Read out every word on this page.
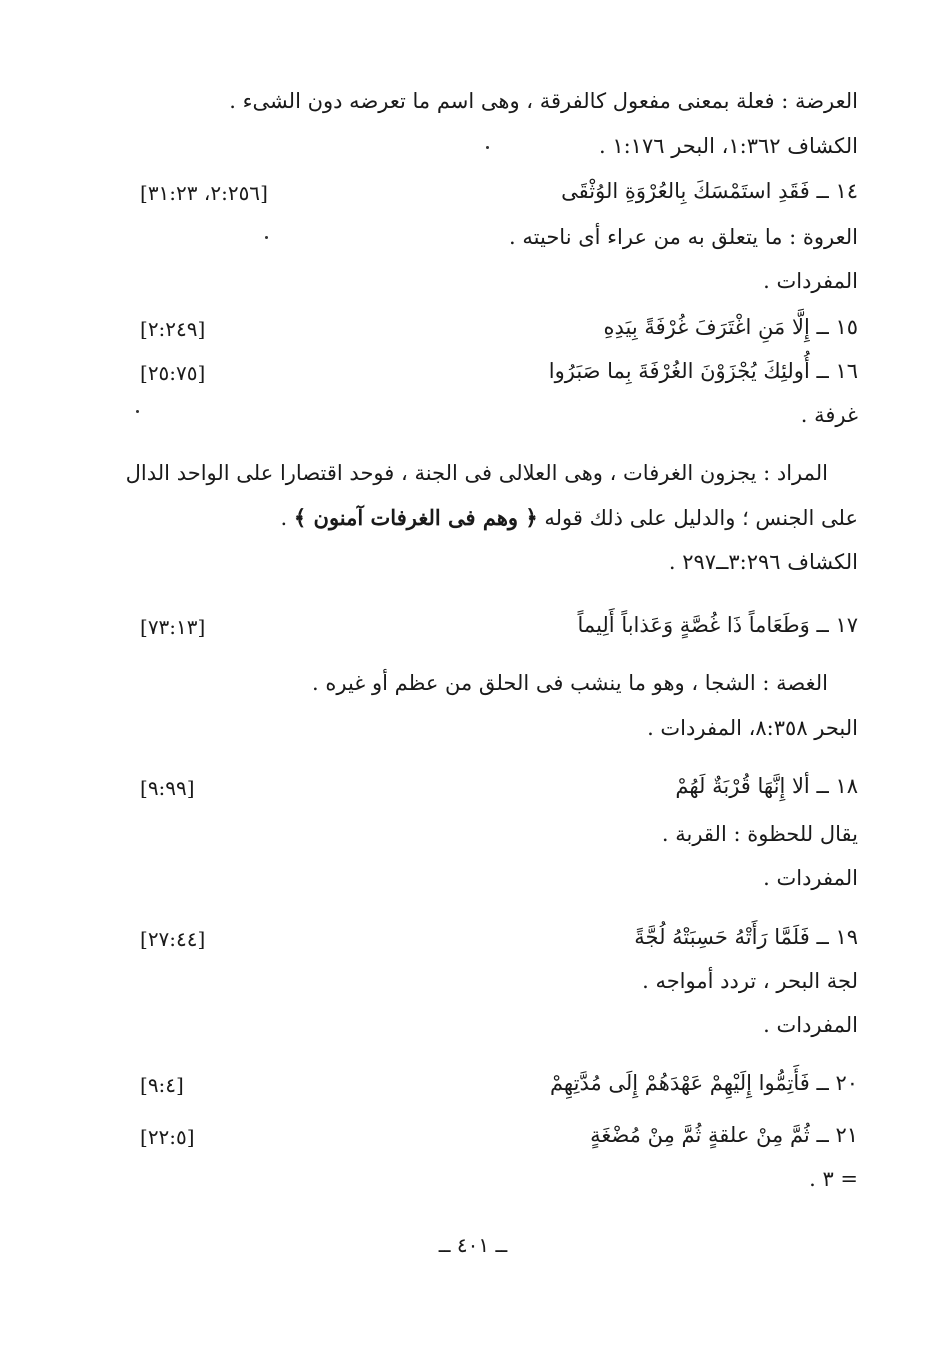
العرضة : فعلة بمعنى مفعول كالفرقة ، وهى اسم ما تعرضه دون الشىء .
الكشاف ١:٣٦٢، البحر ١:١٧٦ .
١٤ ــ فَقَدِ استَمْسَكَ بِالعُرْوَةِ الوُثْقَى
[٢:٢٥٦، ٣١:٢٣]
العروة : ما يتعلق به من عراء أى ناحيته .
المفردات .
١٥ ــ إِلَّا مَنِ اغْتَرَفَ غُرْفَةً بِيَدِهِ
[٢:٢٤٩]
١٦ ــ أُولئِكَ يُجْزَوْنَ الغُرْفَةَ بِما صَبَرُوا
[٢٥:٧٥]
غرفة .
المراد : يجزون الغرفات ، وهى العلالى فى الجنة ، فوحد اقتصارا على الواحد الدال
على الجنس ؛ والدليل على ذلك قوله ﴿ وهم فى الغرفات آمنون ﴾ .
الكشاف ٣:٢٩٦ــ٢٩٧ .
١٧ ــ وَطَعَاماً ذَا غُصَّةٍ وَعَذاباً أَلِيماً
[٧٣:١٣]
الغصة : الشجا ، وهو ما ينشب فى الحلق من عظم أو غيره .
البحر ٨:٣٥٨، المفردات .
١٨ ــ ألا إِنَّهَا قُرْبَةٌ لَهُمْ
[٩:٩٩]
يقال للحظوة : القربة .
المفردات .
١٩ ــ فَلَمَّا رَأَتْهُ حَسِبَتْهُ لُجَّةً
[٢٧:٤٤]
لجة البحر ، تردد أمواجه .
المفردات .
٢٠ ــ فَأَتِمُّوا إِلَيْهِمْ عَهْدَهُمْ إِلَى مُدَّتِهِمْ
[٩:٤]
٢١ ــ ثُمَّ مِنْ علقةٍ ثُمَّ مِنْ مُضْغَةٍ
[٢٢:٥]
= ٣ .
ــ ٤٠١ ــ
